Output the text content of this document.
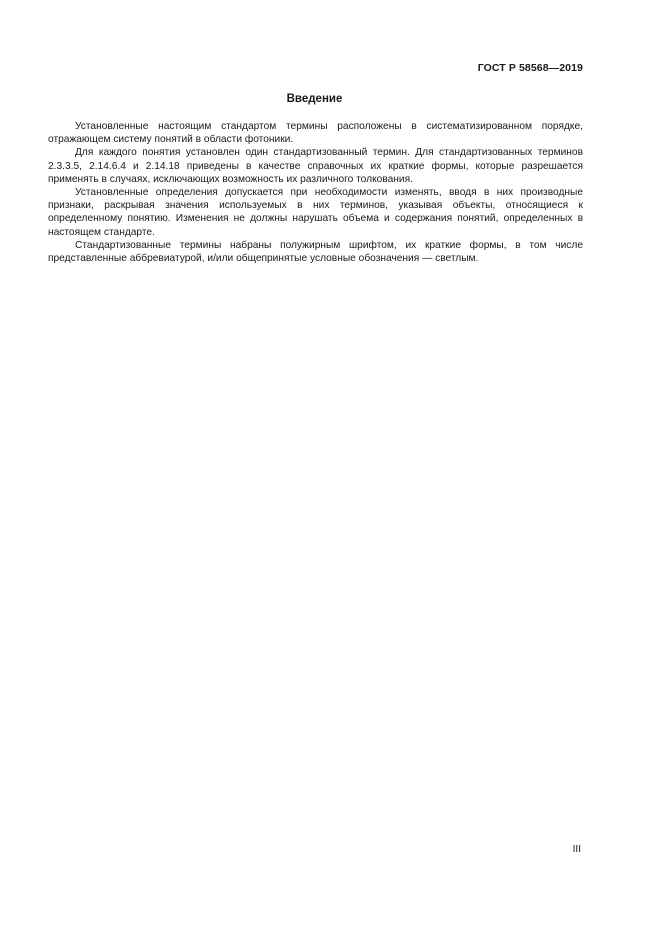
ГОСТ Р 58568—2019
Введение

Установленные настоящим стандартом термины расположены в систематизированном порядке, отражающем систему понятий в области фотоники.

Для каждого понятия установлен один стандартизованный термин. Для стандартизованных терминов 2.3.3.5, 2.14.6.4 и 2.14.18 приведены в качестве справочных их краткие формы, которые разрешается применять в случаях, исключающих возможность их различного толкования.

Установленные определения допускается при необходимости изменять, вводя в них производные признаки, раскрывая значения используемых в них терминов, указывая объекты, относящиеся к определенному понятию. Изменения не должны нарушать объема и содержания понятий, определенных в настоящем стандарте.

Стандартизованные термины набраны полужирным шрифтом, их краткие формы, в том числе представленные аббревиатурой, и/или общепринятые условные обозначения — светлым.

III
